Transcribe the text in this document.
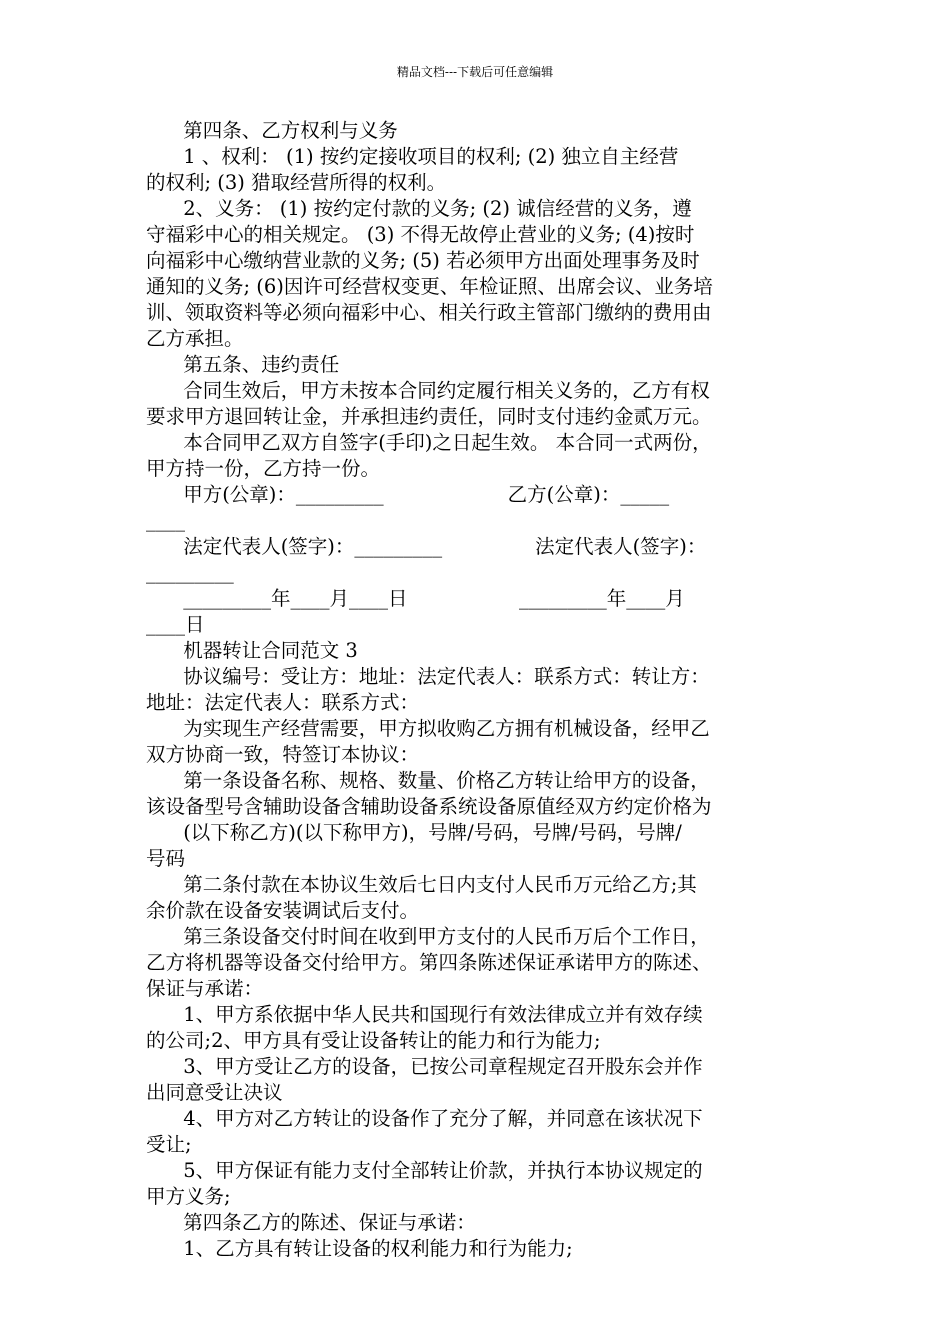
精品文档---下载后可任意编辑
第四条、乙方权利与义务
1 、权利： (1) 按约定接收项目的权利; (2) 独立自主经营
的权利; (3) 猎取经营所得的权利。
2、义务： (1) 按约定付款的义务; (2) 诚信经营的义务，遵
守福彩中心的相关规定。 (3) 不得无故停止营业的义务; (4)按时
向福彩中心缴纳营业款的义务; (5) 若必须甲方出面处理事务及时
通知的义务; (6)因许可经营权变更、年检证照、出席会议、业务培
训、领取资料等必须向福彩中心、相关行政主管部门缴纳的费用由
乙方承担。
第五条、违约责任
合同生效后，甲方未按本合同约定履行相关义务的，乙方有权
要求甲方退回转让金，并承担违约责任，同时支付违约金贰万元。
本合同甲乙双方自签字(手印)之日起生效。 本合同一式两份，
甲方持一份，乙方持一份。
甲方(公章)：_________                    乙方(公章)：_____
____
法定代表人(签字)：_________               法定代表人(签字)：
_________
_________年____月____日                  _________年____月
____日
机器转让合同范文 3
协议编号：受让方：地址：法定代表人：联系方式：转让方：
地址：法定代表人：联系方式：
为实现生产经营需要，甲方拟收购乙方拥有机械设备，经甲乙
双方协商一致，特签订本协议：
第一条设备名称、规格、数量、价格乙方转让给甲方的设备，
该设备型号含辅助设备含辅助设备系统设备原值经双方约定价格为
(以下称乙方)(以下称甲方)，号牌/号码，号牌/号码，号牌/
号码
第二条付款在本协议生效后七日内支付人民币万元给乙方;其
余价款在设备安装调试后支付。
第三条设备交付时间在收到甲方支付的人民币万后个工作日，
乙方将机器等设备交付给甲方。第四条陈述保证承诺甲方的陈述、
保证与承诺：
1、甲方系依据中华人民共和国现行有效法律成立并有效存续
的公司;2、甲方具有受让设备转让的能力和行为能力;
3、甲方受让乙方的设备，已按公司章程规定召开股东会并作
出同意受让决议
4、甲方对乙方转让的设备作了充分了解，并同意在该状况下
受让;
5、甲方保证有能力支付全部转让价款，并执行本协议规定的
甲方义务;
第四条乙方的陈述、保证与承诺：
1、乙方具有转让设备的权利能力和行为能力;
